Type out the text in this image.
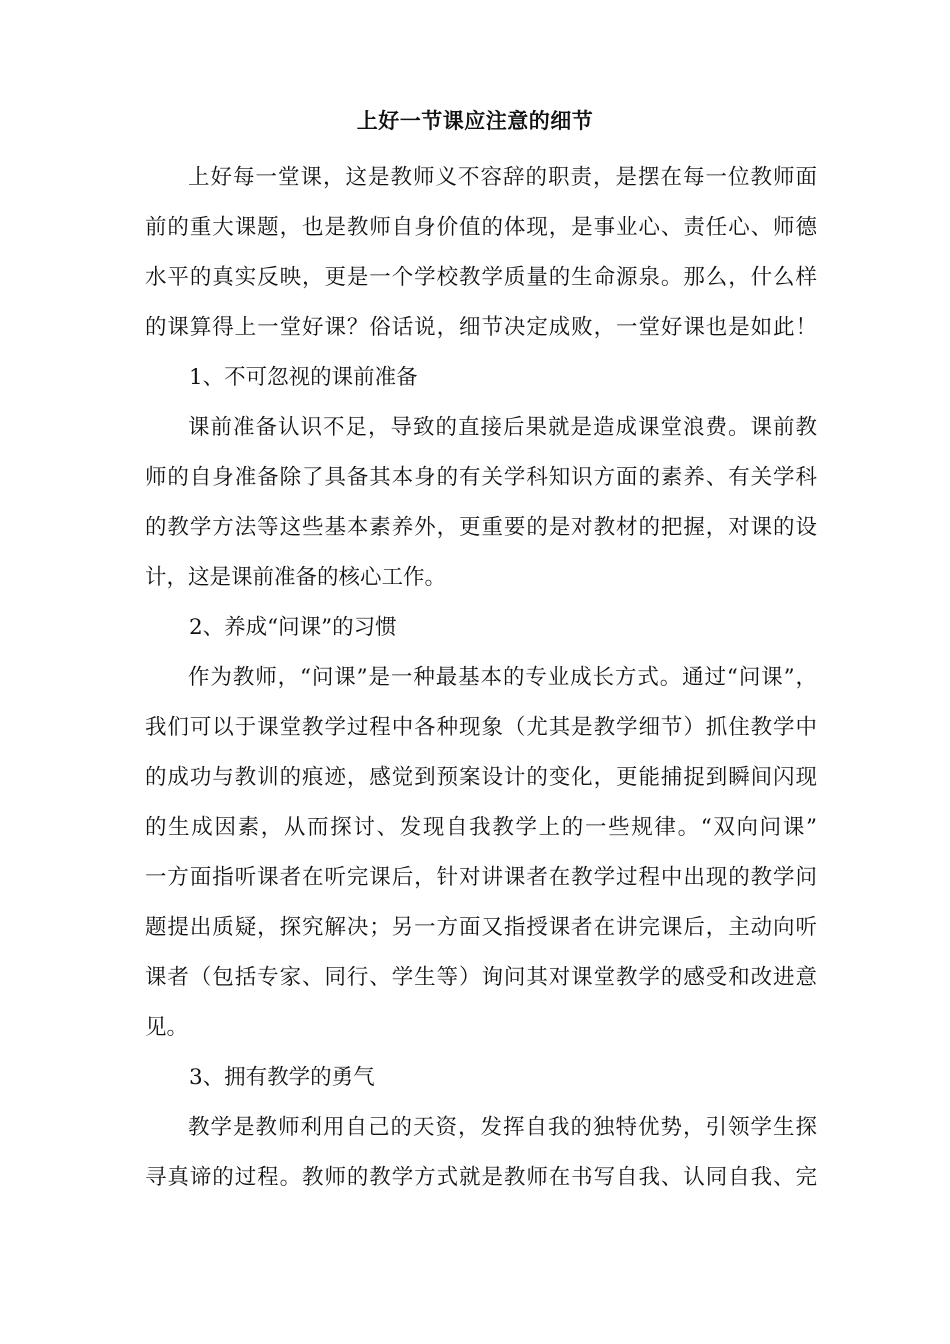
上好一节课应注意的细节
上好每一堂课，这是教师义不容辞的职责，是摆在每一位教师面
前的重大课题，也是教师自身价值的体现，是事业心、责任心、师德
水平的真实反映，更是一个学校教学质量的生命源泉。那么，什么样
的课算得上一堂好课？俗话说，细节决定成败，一堂好课也是如此！
1、不可忽视的课前准备
课前准备认识不足，导致的直接后果就是造成课堂浪费。课前教
师的自身准备除了具备其本身的有关学科知识方面的素养、有关学科
的教学方法等这些基本素养外，更重要的是对教材的把握，对课的设
计，这是课前准备的核心工作。
2、养成“问课”的习惯
作为教师，“问课”是一种最基本的专业成长方式。通过“问课”，
我们可以于课堂教学过程中各种现象（尤其是教学细节）抓住教学中
的成功与教训的痕迹，感觉到预案设计的变化，更能捕捉到瞬间闪现
的生成因素，从而探讨、发现自我教学上的一些规律。“双向问课”
一方面指听课者在听完课后，针对讲课者在教学过程中出现的教学问
题提出质疑，探究解决；另一方面又指授课者在讲完课后，主动向听
课者（包括专家、同行、学生等）询问其对课堂教学的感受和改进意
见。
3、拥有教学的勇气
教学是教师利用自己的天资，发挥自我的独特优势，引领学生探
寻真谛的过程。教师的教学方式就是教师在书写自我、认同自我、完
